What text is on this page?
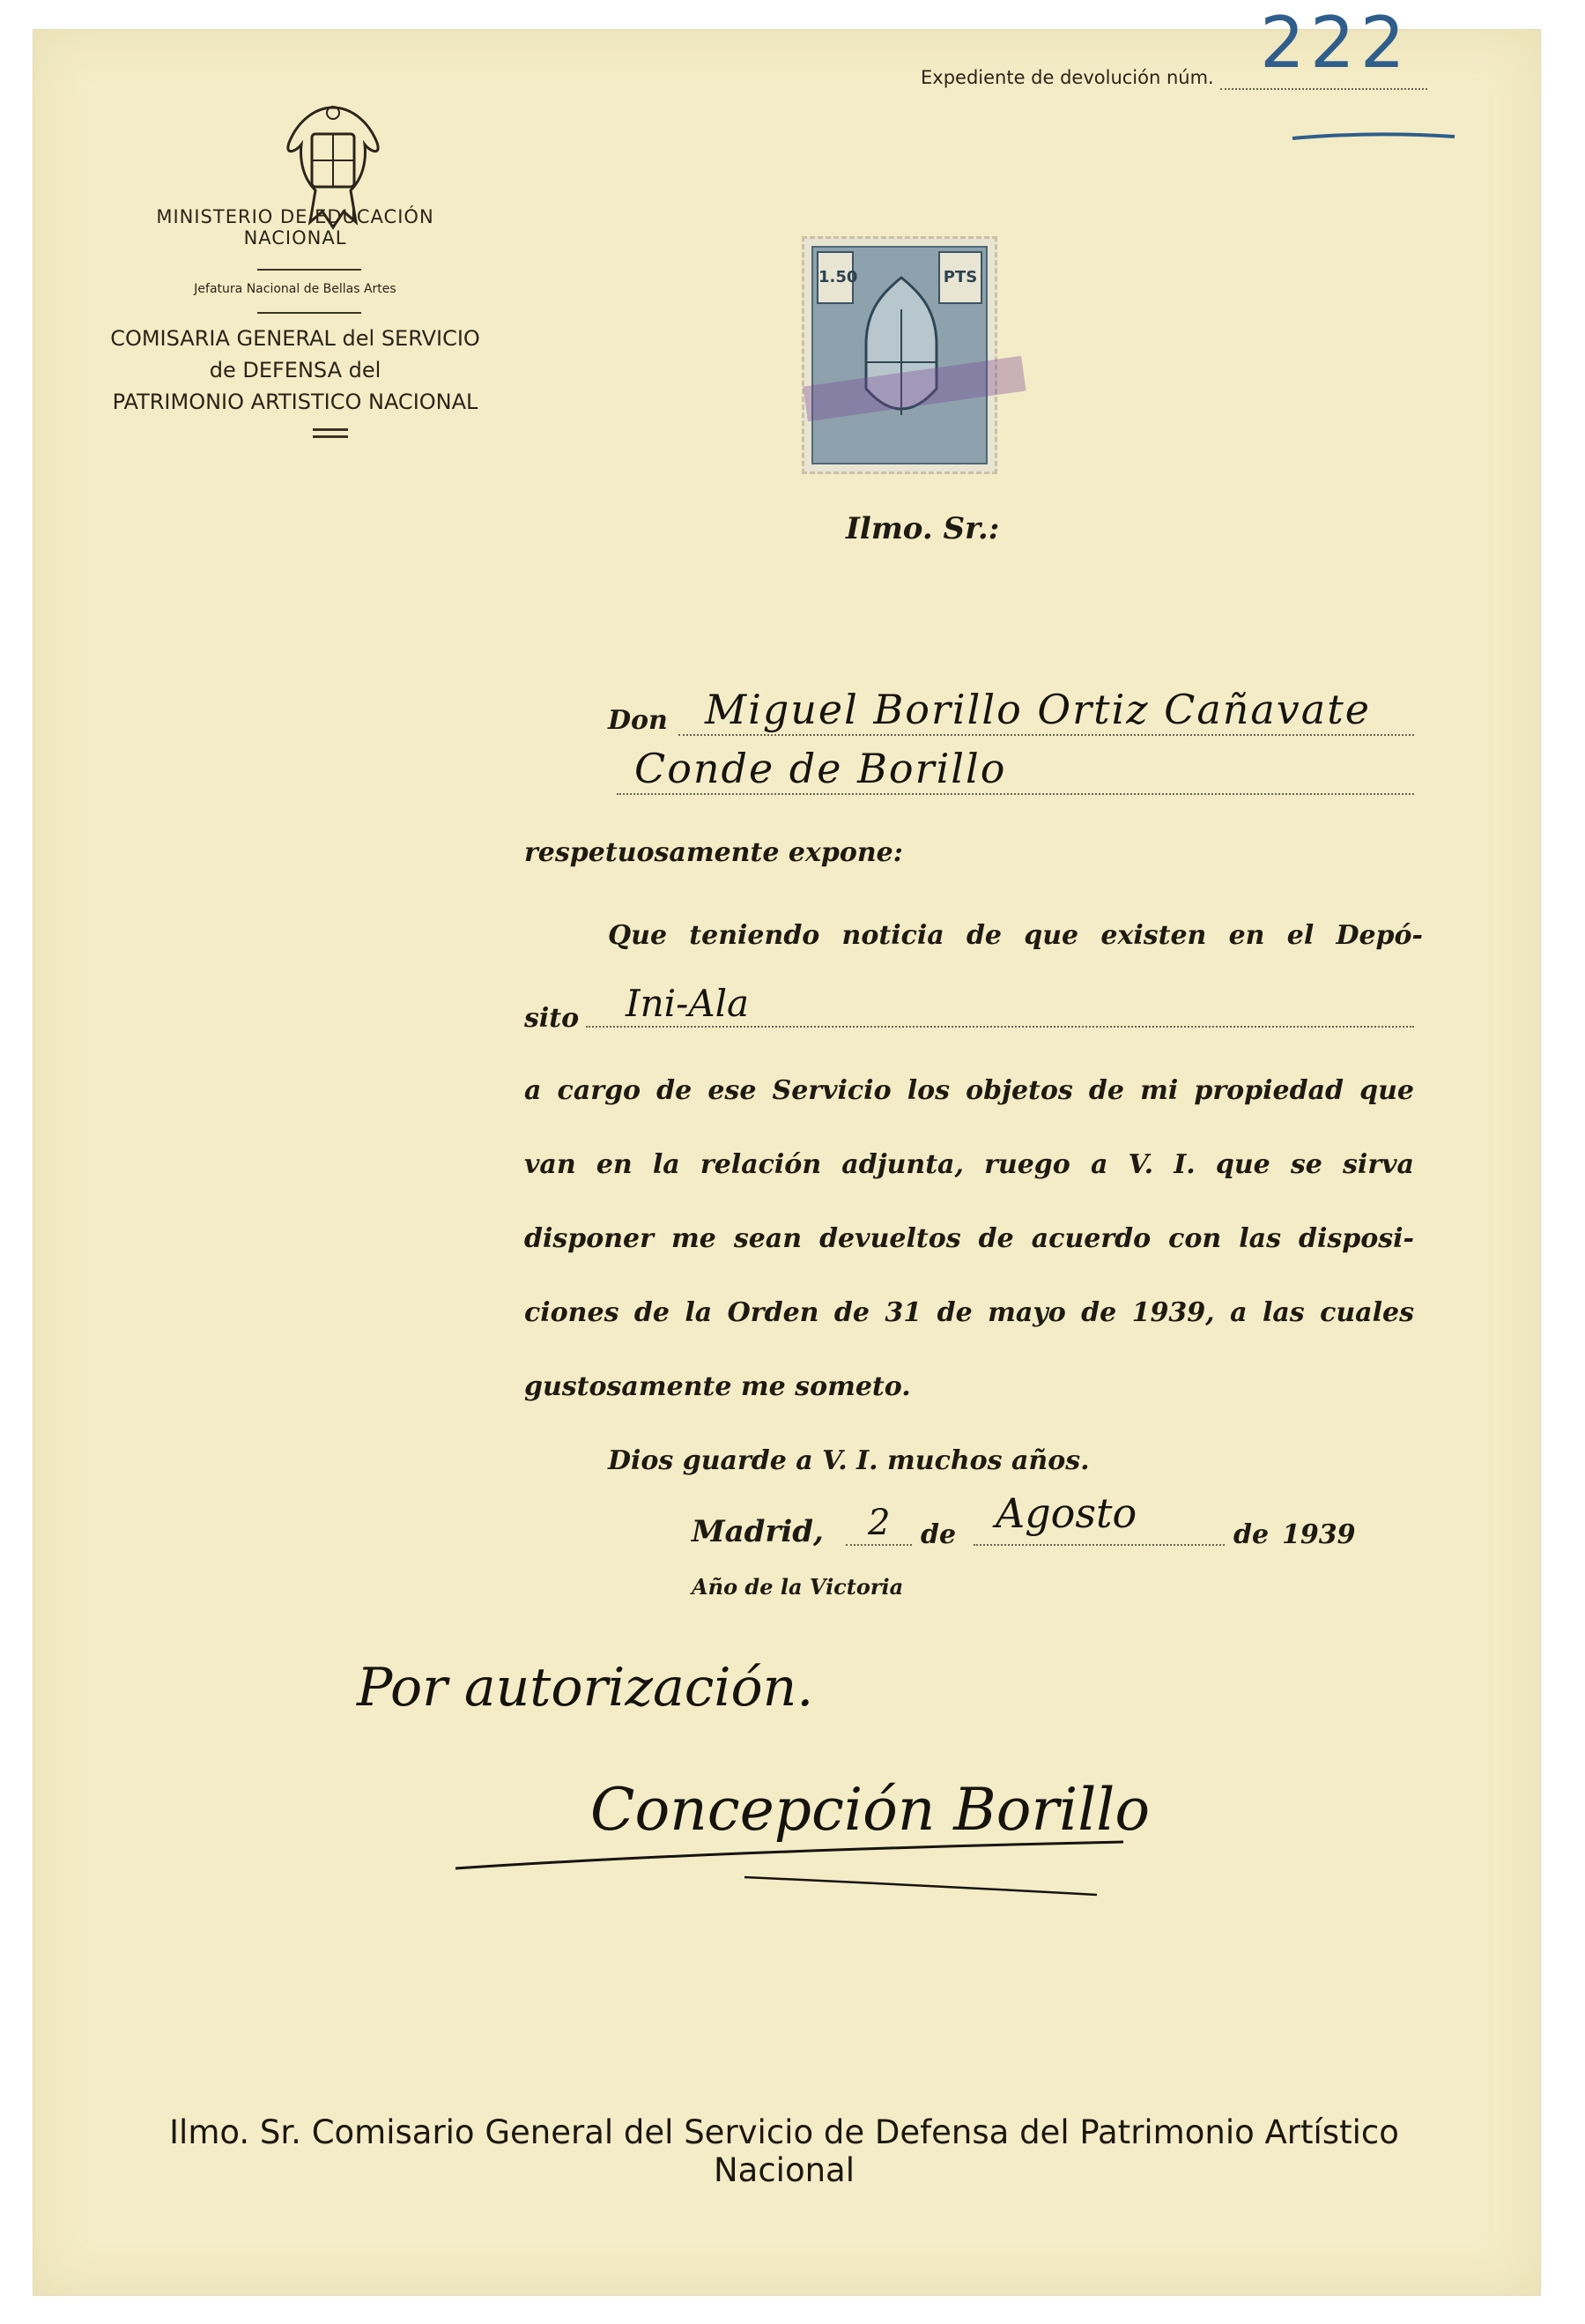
MINISTERIO DE EDUCACIÓN NACIONAL
Jefatura Nacional de Bellas Artes
COMISARIA GENERAL del SERVICIO
de DEFENSA del
PATRIMONIO ARTISTICO NACIONAL
Expediente de devolución núm. 222
1.50	PTS
Ilmo. Sr.:
Don Miguel Borillo Ortiz Cañavate
Conde de Borillo
respetuosamente expone:
Que teniendo noticia de que existen en el Depó-
sito Ini-Ala
a cargo de ese Servicio los objetos de mi propiedad que
van en la relación adjunta, ruego a V. I. que se sirva
disponer me sean devueltos de acuerdo con las disposi-
ciones de la Orden de 31 de mayo de 1939, a las cuales
gustosamente me someto.
Dios guarde a V. I. muchos años.
Madrid, 2 de Agosto	de 1939
Año de la Victoria
Por autorización.
Concepción Borillo
Ilmo. Sr. Comisario General del Servicio de Defensa del Patrimonio Artístico Nacional
